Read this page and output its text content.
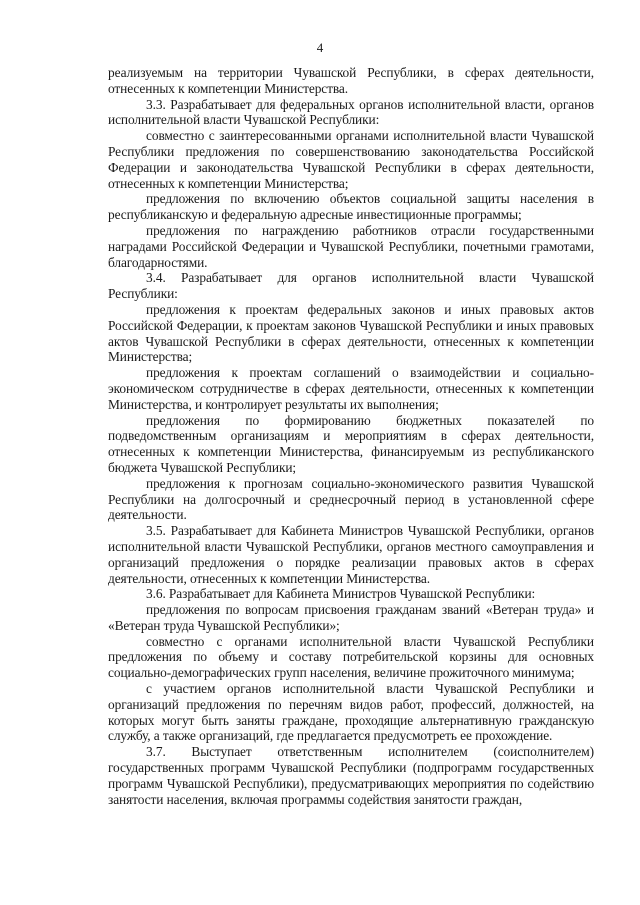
4

реализуемым на территории Чувашской Республики, в сферах деятельности, отнесенных к компетенции Министерства.

3.3. Разрабатывает для федеральных органов исполнительной власти, органов исполнительной власти Чувашской Республики:

совместно с заинтересованными органами исполнительной власти Чувашской Республики предложения по совершенствованию законодательства Российской Федерации и законодательства Чувашской Республики в сферах деятельности, отнесенных к компетенции Министерства;

предложения по включению объектов социальной защиты населения в республиканскую и федеральную адресные инвестиционные программы;

предложения по награждению работников отрасли государственными наградами Российской Федерации и Чувашской Республики, почетными грамотами, благодарностями.

3.4. Разрабатывает для органов исполнительной власти Чувашской Республики:

предложения к проектам федеральных законов и иных правовых актов Российской Федерации, к проектам законов Чувашской Республики и иных правовых актов Чувашской Республики в сферах деятельности, отнесенных к компетенции Министерства;

предложения к проектам соглашений о взаимодействии и социально-экономическом сотрудничестве в сферах деятельности, отнесенных к компетенции Министерства, и контролирует результаты их выполнения;

предложения по формированию бюджетных показателей по подведомственным организациям и мероприятиям в сферах деятельности, отнесенных к компетенции Министерства, финансируемым из республиканского бюджета Чувашской Республики;

предложения к прогнозам социально-экономического развития Чувашской Республики на долгосрочный и среднесрочный период в установленной сфере деятельности.

3.5. Разрабатывает для Кабинета Министров Чувашской Республики, органов исполнительной власти Чувашской Республики, органов местного самоуправления и организаций предложения о порядке реализации правовых актов в сферах деятельности, отнесенных к компетенции Министерства.

3.6. Разрабатывает для Кабинета Министров Чувашской Республики:

предложения по вопросам присвоения гражданам званий «Ветеран труда» и «Ветеран труда Чувашской Республики»;

совместно с органами исполнительной власти Чувашской Республики предложения по объему и составу потребительской корзины для основных социально-демографических групп населения, величине прожиточного минимума;

с участием органов исполнительной власти Чувашской Республики и организаций предложения по перечням видов работ, профессий, должностей, на которых могут быть заняты граждане, проходящие альтернативную гражданскую службу, а также организаций, где предлагается предусмотреть ее прохождение.

3.7. Выступает ответственным исполнителем (соисполнителем) государственных программ Чувашской Республики (подпрограмм государственных программ Чувашской Республики), предусматривающих мероприятия по содействию занятости населения, включая программы содействия занятости граждан,
